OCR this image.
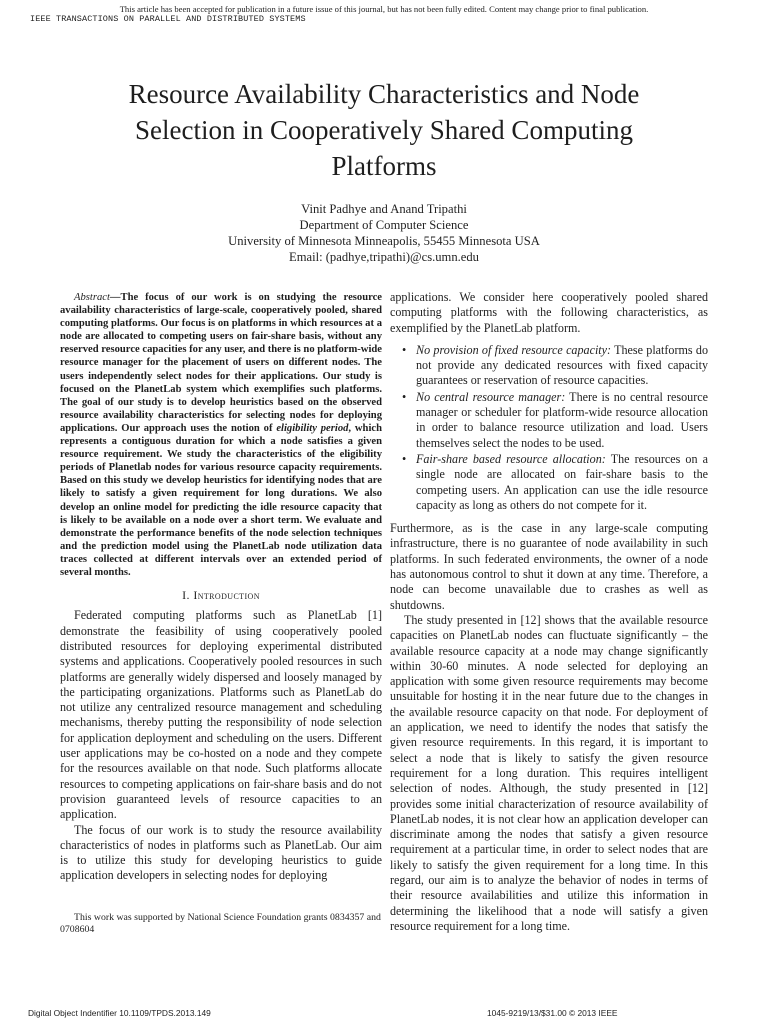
This article has been accepted for publication in a future issue of this journal, but has not been fully edited. Content may change prior to final publication.
IEEE TRANSACTIONS ON PARALLEL AND DISTRIBUTED SYSTEMS
Resource Availability Characteristics and Node
Selection in Cooperatively Shared Computing
Platforms
Vinit Padhye and Anand Tripathi
Department of Computer Science
University of Minnesota Minneapolis, 55455 Minnesota USA
Email: (padhye,tripathi)@cs.umn.edu

Abstract—The focus of our work is on studying the resource availability characteristics of large-scale, cooperatively pooled, shared computing platforms. Our focus is on platforms in which resources at a node are allocated to competing users on fair-share basis, without any reserved resource capacities for any user, and there is no platform-wide resource manager for the placement of users on different nodes. The users independently select nodes for their applications. Our study is focused on the PlanetLab system which exemplifies such platforms. The goal of our study is to develop heuristics based on the observed resource availability characteristics for selecting nodes for deploying applications. Our approach uses the notion of eligibility period, which represents a contiguous duration for which a node satisfies a given resource requirement. We study the characteristics of the eligibility periods of Planetlab nodes for various resource capacity requirements. Based on this study we develop heuristics for identifying nodes that are likely to satisfy a given requirement for long durations. We also develop an online model for predicting the idle resource capacity that is likely to be available on a node over a short term. We evaluate and demonstrate the performance benefits of the node selection techniques and the prediction model using the PlanetLab node utilization data traces collected at different intervals over an extended period of several months.

I. Introduction

Federated computing platforms such as PlanetLab [1] demonstrate the feasibility of using cooperatively pooled distributed resources for deploying experimental distributed systems and applications. Cooperatively pooled resources in such platforms are generally widely dispersed and loosely managed by the participating organizations. Platforms such as PlanetLab do not utilize any centralized resource management and scheduling mechanisms, thereby putting the responsibility of node selection for application deployment and scheduling on the users. Different user applications may be co-hosted on a node and they compete for the resources available on that node. Such platforms allocate resources to competing applications on fair-share basis and do not provision guaranteed levels of resource capacities to an application.

The focus of our work is to study the resource availability characteristics of nodes in platforms such as PlanetLab. Our aim is to utilize this study for developing heuristics to guide application developers in selecting nodes for deploying

This work was supported by National Science Foundation grants 0834357 and 0708604

applications. We consider here cooperatively pooled shared computing platforms with the following characteristics, as exemplified by the PlanetLab platform.

• No provision of fixed resource capacity: These platforms do not provide any dedicated resources with fixed capacity guarantees or reservation of resource capacities.
• No central resource manager: There is no central resource manager or scheduler for platform-wide resource allocation in order to balance resource utilization and load. Users themselves select the nodes to be used.
• Fair-share based resource allocation: The resources on a single node are allocated on fair-share basis to the competing users. An application can use the idle resource capacity as long as others do not compete for it.

Furthermore, as is the case in any large-scale computing infrastructure, there is no guarantee of node availability in such platforms. In such federated environments, the owner of a node has autonomous control to shut it down at any time. Therefore, a node can become unavailable due to crashes as well as shutdowns.

The study presented in [12] shows that the available resource capacities on PlanetLab nodes can fluctuate significantly – the available resource capacity at a node may change significantly within 30-60 minutes. A node selected for deploying an application with some given resource requirements may become unsuitable for hosting it in the near future due to the changes in the available resource capacity on that node. For deployment of an application, we need to identify the nodes that satisfy the given resource requirements. In this regard, it is important to select a node that is likely to satisfy the given resource requirement for a long duration. This requires intelligent selection of nodes. Although, the study presented in [12] provides some initial characterization of resource availability of PlanetLab nodes, it is not clear how an application developer can discriminate among the nodes that satisfy a given resource requirement at a particular time, in order to select nodes that are likely to satisfy the given requirement for a long time. In this regard, our aim is to analyze the behavior of nodes in terms of their resource availabilities and utilize this information in determining the likelihood that a node will satisfy a given resource requirement for a long time.

Digital Object Indentifier 10.1109/TPDS.2013.149	1045-9219/13/$31.00 © 2013 IEEE
